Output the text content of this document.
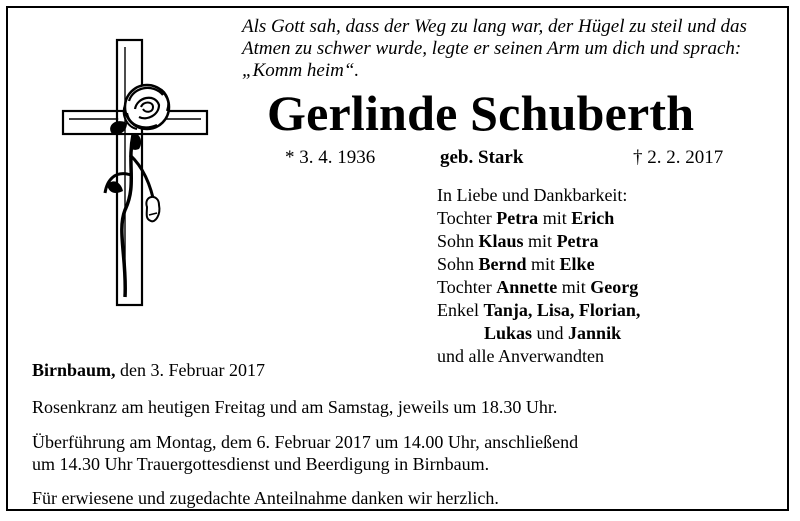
Als Gott sah, dass der Weg zu lang war, der Hügel zu steil und das
Atmen zu schwer wurde, legte er seinen Arm um dich und sprach:
„Komm heim“.
Gerlinde Schuberth
* 3. 4. 1936	geb. Stark	† 2. 2. 2017
In Liebe und Dankbarkeit:
Tochter Petra mit Erich
Sohn Klaus mit Petra
Sohn Bernd mit Elke
Tochter Annette mit Georg
Enkel Tanja, Lisa, Florian,
Lukas und Jannik
und alle Anverwandten
Birnbaum, den 3. Februar 2017
Rosenkranz am heutigen Freitag und am Samstag, jeweils um 18.30 Uhr.
Überführung am Montag, dem 6. Februar 2017 um 14.00 Uhr, anschließend
um 14.30 Uhr Trauergottesdienst und Beerdigung in Birnbaum.
Für erwiesene und zugedachte Anteilnahme danken wir herzlich.
